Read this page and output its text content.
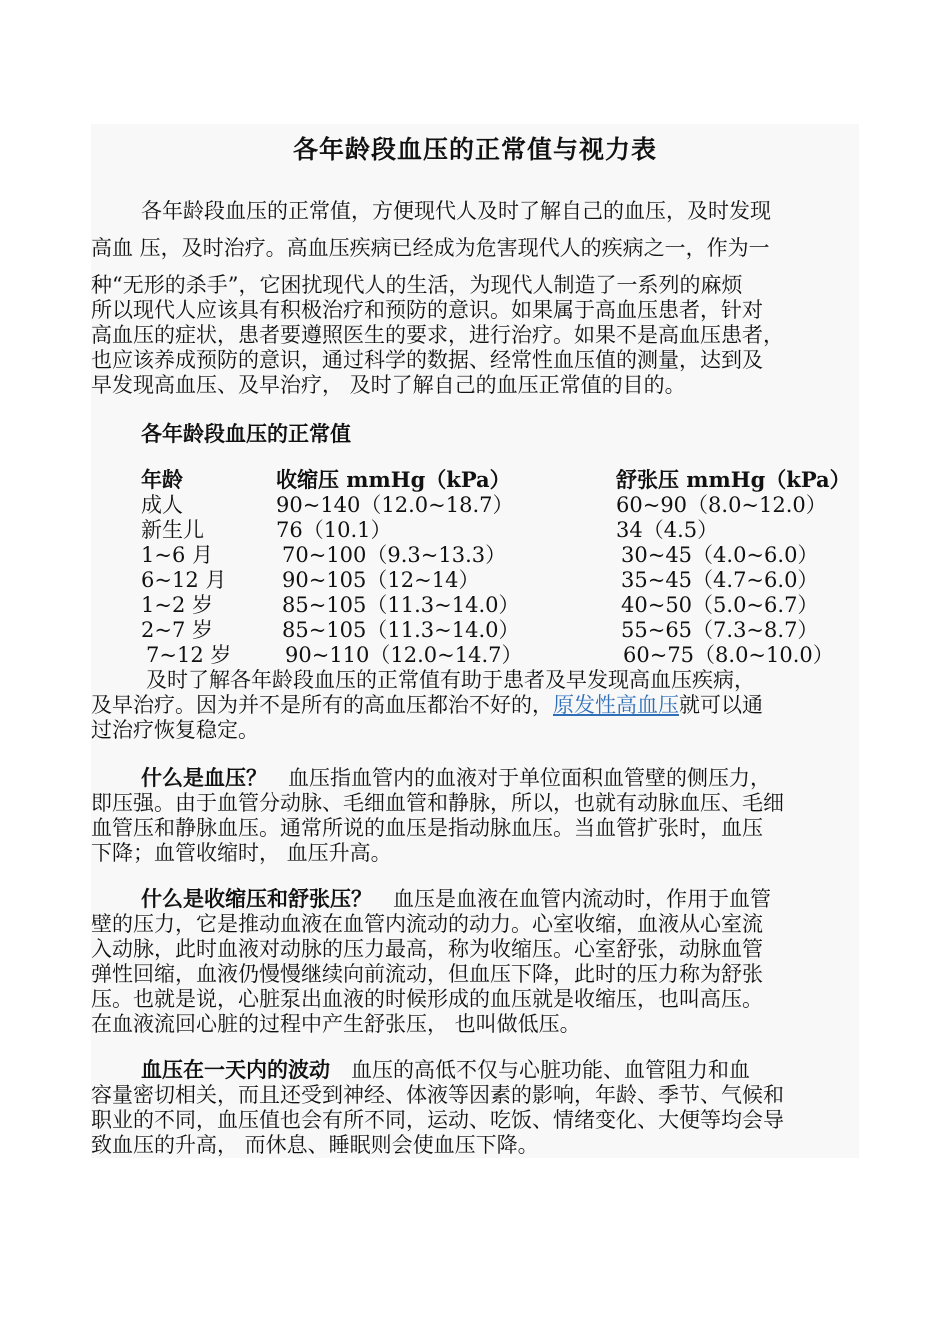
各年龄段血压的正常值与视力表
各年龄段血压的正常值，方便现代人及时了解自己的血压，及时发现
高血 压，及时治疗。高血压疾病已经成为危害现代人的疾病之一，作为一
种“无形的杀手”，它困扰现代人的生活，为现代人制造了一系列的麻烦
所以现代人应该具有积极治疗和预防的意识。如果属于高血压患者，针对
高血压的症状，患者要遵照医生的要求，进行治疗。如果不是高血压患者，
也应该养成预防的意识，通过科学的数据、经常性血压值的测量，达到及
早发现高血压、及早治疗， 及时了解自己的血压正常值的目的。
各年龄段血压的正常值
年龄	收缩压 mmHg（kPa）	舒张压 mmHg（kPa）
成人	90~140（12.0~18.7）	60~90（8.0~12.0）
新生儿	76（10.1）	34（4.5）
1~6 月	70~100（9.3~13.3）	30~45（4.0~6.0）
6~12 月	90~105（12~14）	35~45（4.7~6.0）
1~2 岁	85~105（11.3~14.0）	40~50（5.0~6.7）
2~7 岁	85~105（11.3~14.0）	55~65（7.3~8.7）
7~12 岁	90~110（12.0~14.7）	60~75（8.0~10.0）
及时了解各年龄段血压的正常值有助于患者及早发现高血压疾病，
及早治疗。因为并不是所有的高血压都治不好的，原发性高血压就可以通
过治疗恢复稳定。
什么是血压？　血压指血管内的血液对于单位面积血管壁的侧压力，
即压强。由于血管分动脉、毛细血管和静脉，所以，也就有动脉血压、毛细
血管压和静脉血压。通常所说的血压是指动脉血压。当血管扩张时，血压
下降；血管收缩时， 血压升高。
什么是收缩压和舒张压？　血压是血液在血管内流动时，作用于血管
壁的压力，它是推动血液在血管内流动的动力。心室收缩，血液从心室流
入动脉，此时血液对动脉的压力最高，称为收缩压。心室舒张，动脉血管
弹性回缩，血液仍慢慢继续向前流动，但血压下降，此时的压力称为舒张
压。也就是说，心脏泵出血液的时候形成的血压就是收缩压，也叫高压。
在血液流回心脏的过程中产生舒张压， 也叫做低压。
血压在一天内的波动　血压的高低不仅与心脏功能、血管阻力和血
容量密切相关，而且还受到神经、体液等因素的影响，年龄、季节、气候和
职业的不同，血压值也会有所不同，运动、吃饭、情绪变化、大便等均会导
致血压的升高， 而休息、睡眠则会使血压下降。
